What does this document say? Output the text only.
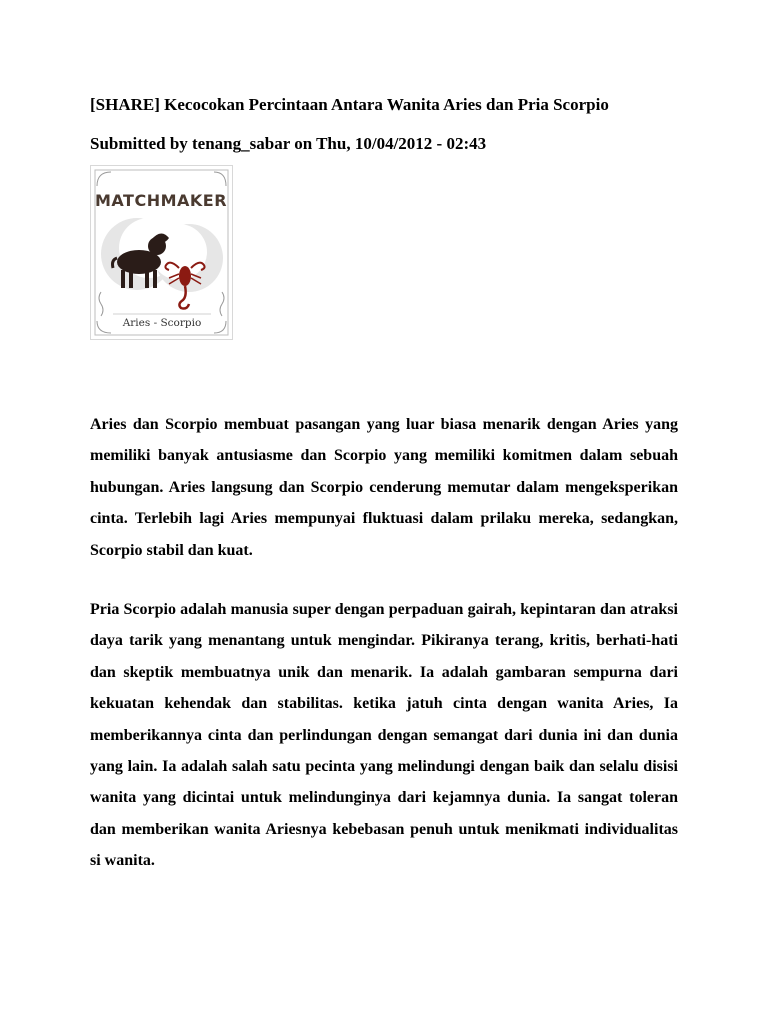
[SHARE] Kecocokan Percintaan Antara Wanita Aries dan Pria Scorpio
Submitted by tenang_sabar on Thu, 10/04/2012 - 02:43
MATCHMAKER
Aries - Scorpio

Aries dan Scorpio membuat pasangan yang luar biasa menarik dengan Aries yang memiliki banyak antusiasme dan Scorpio yang memiliki komitmen dalam sebuah hubungan. Aries langsung dan Scorpio cenderung memutar dalam mengeksperikan cinta. Terlebih lagi Aries mempunyai fluktuasi dalam prilaku mereka, sedangkan, Scorpio stabil dan kuat.

Pria Scorpio adalah manusia super dengan perpaduan gairah, kepintaran dan atraksi daya tarik yang menantang untuk mengindar. Pikiranya terang, kritis, berhati-hati dan skeptik membuatnya unik dan menarik. Ia adalah gambaran sempurna dari kekuatan kehendak dan stabilitas. ketika jatuh cinta dengan wanita Aries, Ia memberikannya cinta dan perlindungan dengan semangat dari dunia ini dan dunia yang lain. Ia adalah salah satu pecinta yang melindungi dengan baik dan selalu disisi wanita yang dicintai untuk melindunginya dari kejamnya dunia. Ia sangat toleran dan memberikan wanita Ariesnya kebebasan penuh untuk menikmati individualitas si wanita.
